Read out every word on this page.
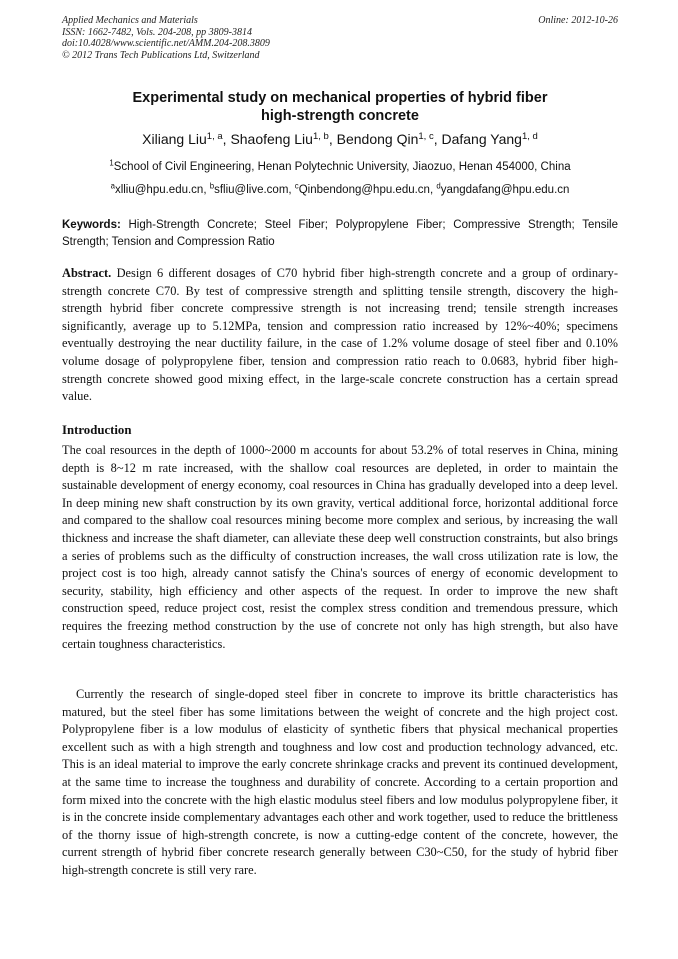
Applied Mechanics and Materials
ISSN: 1662-7482, Vols. 204-208, pp 3809-3814
doi:10.4028/www.scientific.net/AMM.204-208.3809
© 2012 Trans Tech Publications Ltd, Switzerland
Online: 2012-10-26
Experimental study on mechanical properties of hybrid fiber
high-strength concrete
Xiliang Liu$^{1, a}$, Shaofeng Liu$^{1, b}$, Bendong Qin$^{1, c}$, Dafang Yang$^{1, d}$
$^1$School of Civil Engineering, Henan Polytechnic University, Jiaozuo, Henan 454000, China
$^a$xlliu@hpu.edu.cn, $^b$sfliu@live.com, $^c$Qinbendong@hpu.edu.cn, $^d$yangdafang@hpu.edu.cn
Keywords: High-Strength Concrete; Steel Fiber; Polypropylene Fiber; Compressive Strength; Tensile Strength; Tension and Compression Ratio
Abstract. Design 6 different dosages of C70 hybrid fiber high-strength concrete and a group of ordinary-strength concrete C70. By test of compressive strength and splitting tensile strength, discovery the high-strength hybrid fiber concrete compressive strength is not increasing trend; tensile strength increases significantly, average up to 5.12MPa, tension and compression ratio increased by 12%~40%; specimens eventually destroying the near ductility failure, in the case of 1.2% volume dosage of steel fiber and 0.10% volume dosage of polypropylene fiber, tension and compression ratio reach to 0.0683, hybrid fiber high-strength concrete showed good mixing effect, in the large-scale concrete construction has a certain spread value.
Introduction

The coal resources in the depth of 1000~2000 m accounts for about 53.2% of total reserves in China, mining depth is 8~12 m rate increased, with the shallow coal resources are depleted, in order to maintain the sustainable development of energy economy, coal resources in China has gradually developed into a deep level. In deep mining new shaft construction by its own gravity, vertical additional force, horizontal additional force and compared to the shallow coal resources mining become more complex and serious, by increasing the wall thickness and increase the shaft diameter, can alleviate these deep well construction constraints, but also brings a series of problems such as the difficulty of construction increases, the wall cross utilization rate is low, the project cost is too high, already cannot satisfy the China's sources of energy of economic development to security, stability, high efficiency and other aspects of the request. In order to improve the new shaft construction speed, reduce project cost, resist the complex stress condition and tremendous pressure, which requires the freezing method construction by the use of concrete not only has high strength, but also have certain toughness characteristics.

Currently the research of single-doped steel fiber in concrete to improve its brittle characteristics has matured, but the steel fiber has some limitations between the weight of concrete and the high project cost. Polypropylene fiber is a low modulus of elasticity of synthetic fibers that physical mechanical properties excellent such as with a high strength and toughness and low cost and production technology advanced, etc. This is an ideal material to improve the early concrete shrinkage cracks and prevent its continued development, at the same time to increase the toughness and durability of concrete. According to a certain proportion and form mixed into the concrete with the high elastic modulus steel fibers and low modulus polypropylene fiber, it is in the concrete inside complementary advantages each other and work together, used to reduce the brittleness of the thorny issue of high-strength concrete, is now a cutting-edge content of the concrete, however, the current strength of hybrid fiber concrete research generally between C30~C50, for the study of hybrid fiber high-strength concrete is still very rare.
